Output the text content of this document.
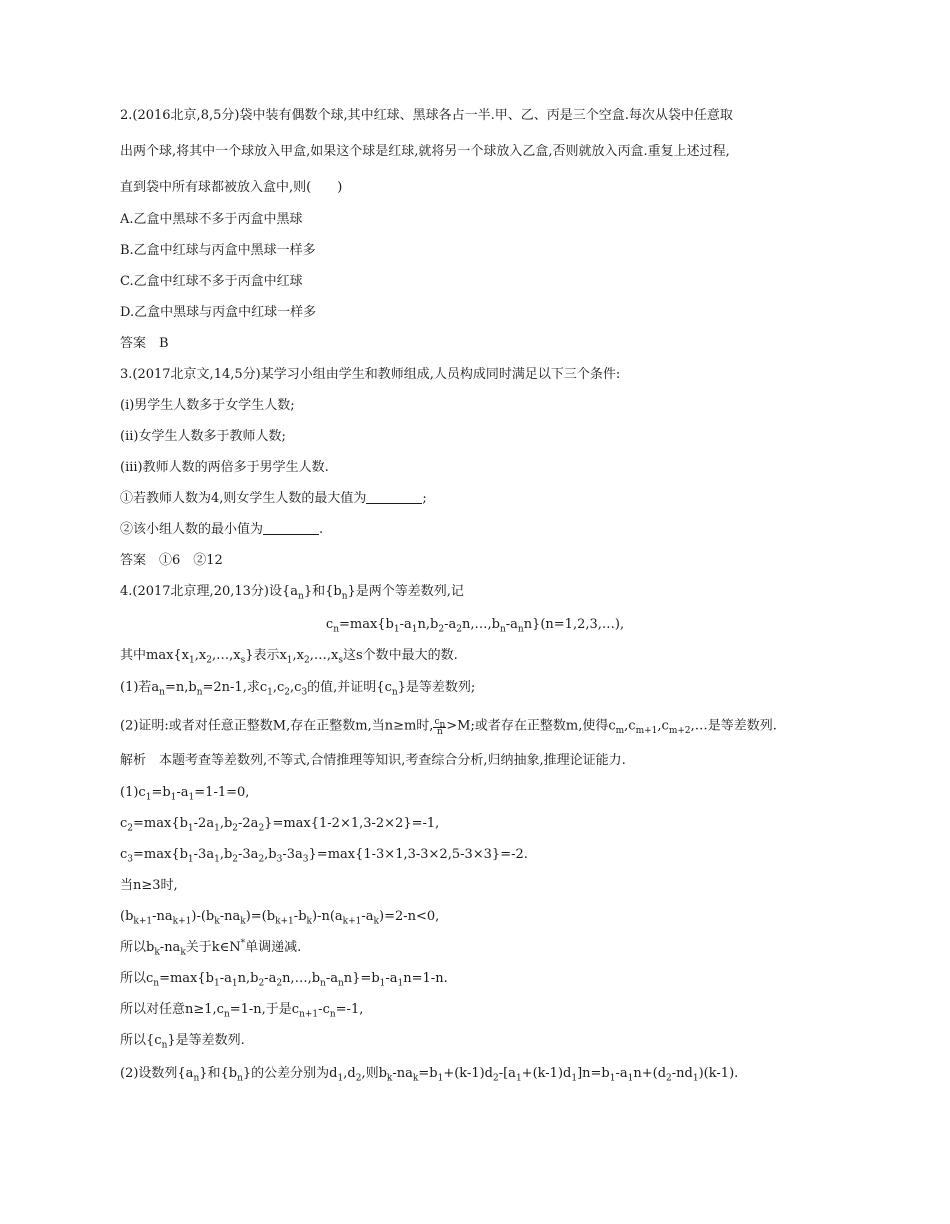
2.(2016北京,8,5分)袋中装有偶数个球,其中红球、黑球各占一半.甲、乙、丙是三个空盒.每次从袋中任意取
出两个球,将其中一个球放入甲盒,如果这个球是红球,就将另一个球放入乙盒,否则就放入丙盒.重复上述过程,
直到袋中所有球都被放入盒中,则(　　)
A.乙盒中黑球不多于丙盒中黑球
B.乙盒中红球与丙盒中黑球一样多
C.乙盒中红球不多于丙盒中红球
D.乙盒中黑球与丙盒中红球一样多
答案　B
3.(2017北京文,14,5分)某学习小组由学生和教师组成,人员构成同时满足以下三个条件:
(i)男学生人数多于女学生人数;
(ii)女学生人数多于教师人数;
(iii)教师人数的两倍多于男学生人数.
①若教师人数为4,则女学生人数的最大值为	;
②该小组人数的最小值为	.
答案　①6　②12
4.(2017北京理,20,13分)设$\{a_n\}$和$\{b_n\}$是两个等差数列,记
$c_n=\max\{b_1-a_1n,b_2-a_2n,\dots,b_n-a_nn\}(n=1,2,3,\dots)$,
其中$\max\{x_1,x_2,\dots,x_s\}$表示$x_1,x_2,\dots,x_s$这s个数中最大的数.
(1)若$a_n=n,b_n=2n-1$,求$c_1,c_2,c_3$的值,并证明$\{c_n\}$是等差数列;
(2)证明:或者对任意正整数M,存在正整数m,当n≥m时, $\frac{c_n}{n} >M$;或者存在正整数m,使得$c_m,c_{m+1},c_{m+2},\dots$是等差数列.
解析　本题考查等差数列,不等式,合情推理等知识,考查综合分析,归纳抽象,推理论证能力.
$(1)c_1=b_1-a_1=1-1=0$,
$c_2=\max\{b_1-2a_1,b_2-2a_2\}=\max\{1-2\times 1,3-2\times 2\}=-1$,
$c_3=\max\{b_1-3a_1,b_2-3a_2,b_3-3a_3\}=\max\{1-3\times 1,3-3\times 2,5-3\times 3\}=-2$.
当n≥3时,
$(b_{k+1}-na_{k+1})-(b_k-na_k)=(b_{k+1}-b_k)-n(a_{k+1}-a_k)=2-n<0$,
所以$b_k-na_k$关于k∈N*单调递减.
所以$c_n=\max\{b_1-a_1n,b_2-a_2n,\dots,b_n-a_nn\}=b_1-a_1n=1-n$.
所以对任意$n\ge 1,c_n=1-n$,于是$c_{n+1}-c_n=-1$,
所以$\{c_n\}$是等差数列.
(2)设数列$\{a_n\}$和$\{b_n\}$的公差分别为$d_1,d_2$,则$b_k-na_k=b_1+(k-1)d_2-[a_1+(k-1)d_1]n=b_1-a_1n+(d_2-nd_1)(k-1)$.
